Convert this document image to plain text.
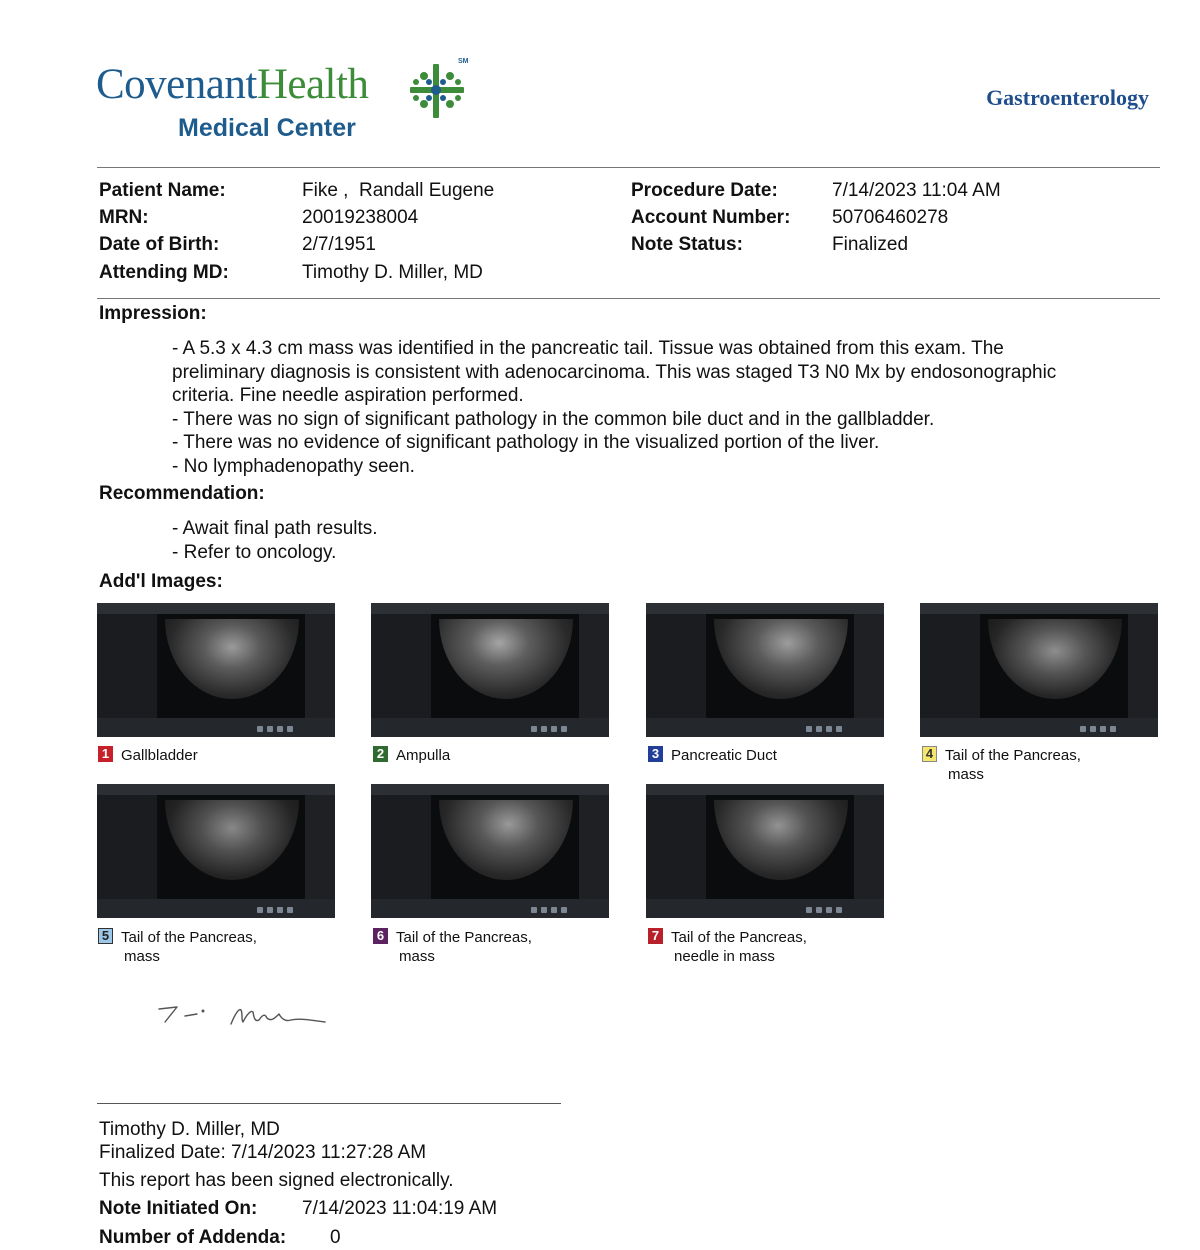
CovenantHealth	SM
Medical Center
Gastroenterology
Patient Name:	Fike ,  Randall Eugene
MRN:	20019238004
Date of Birth:	2/7/1951
Attending MD:	Timothy D. Miller, MD
Procedure Date:	7/14/2023 11:04 AM
Account Number: 50706460278
Note Status:	Finalized
Impression:
- A 5.3 x 4.3 cm mass was identified in the pancreatic tail. Tissue was obtained from this exam. The
preliminary diagnosis is consistent with adenocarcinoma. This was staged T3 N0 Mx by endosonographic
criteria. Fine needle aspiration performed.
- There was no sign of significant pathology in the common bile duct and in the gallbladder.
- There was no evidence of significant pathology in the visualized portion of the liver.
- No lymphadenopathy seen.
Recommendation:
- Await final path results.
- Refer to oncology.
Add'l Images:
1 Gallbladder	2 Ampulla	3 Pancreatic Duct	4 Tail of the Pancreas,
mass
5 Tail of the Pancreas,
mass
6 Tail of the Pancreas,
mass
7 Tail of the Pancreas,
needle in mass
Timothy D. Miller, MD
Finalized Date: 7/14/2023 11:27:28 AM
This report has been signed electronically.
Note Initiated On: 7/14/2023 11:04:19 AM
Number of Addenda: 0
